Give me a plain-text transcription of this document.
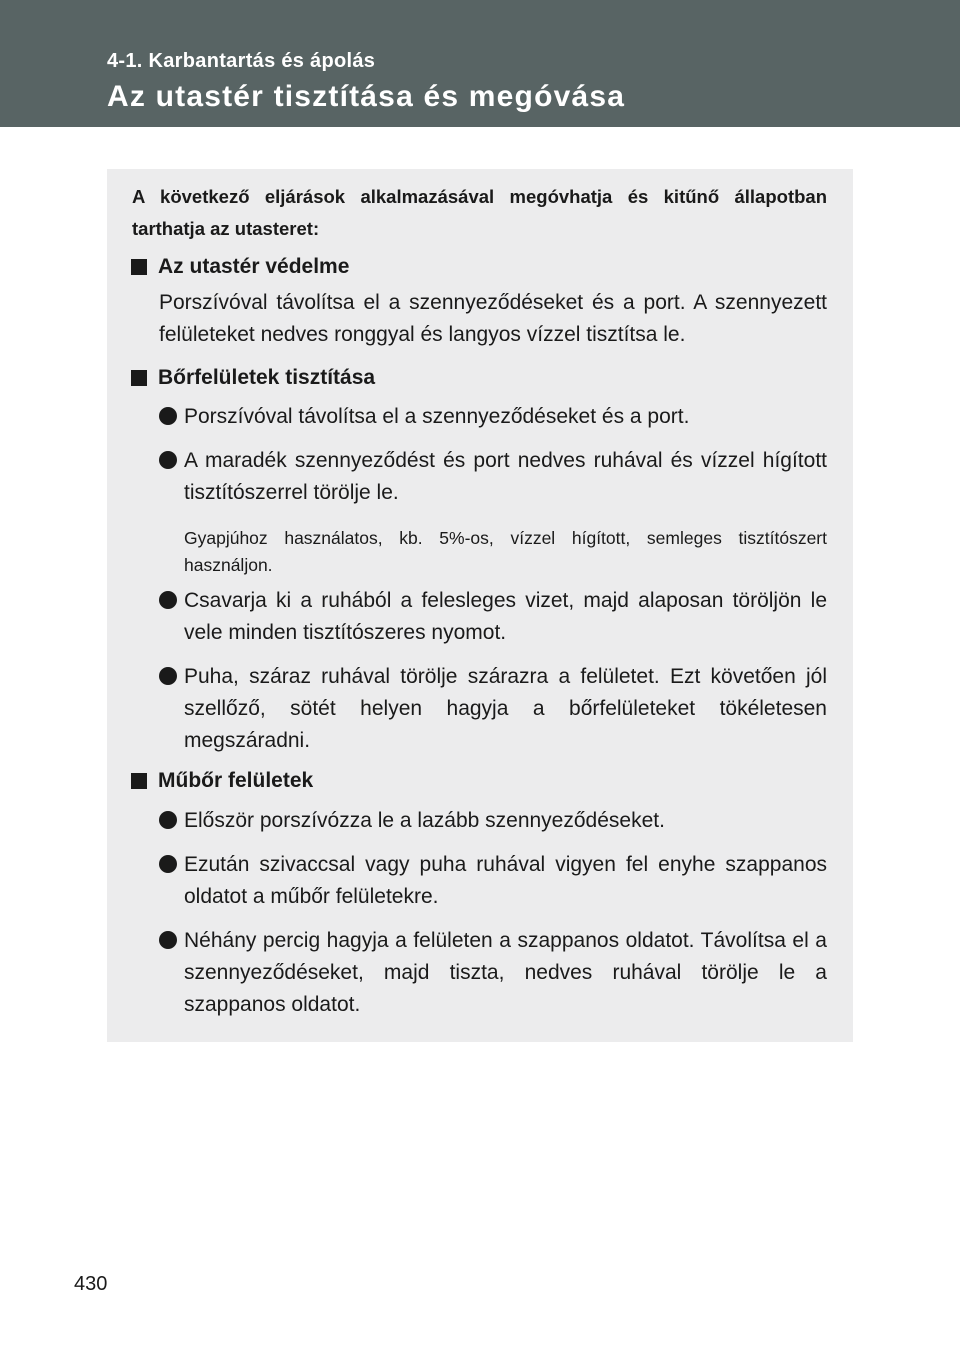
4-1. Karbantartás és ápolás
Az utastér tisztítása és megóvása

A következő eljárások alkalmazásával megóvhatja és kitűnő állapotban tarthatja az utasteret:

Az utastér védelme

Porszívóval távolítsa el a szennyeződéseket és a port. A szennyezett felületeket nedves ronggyal és langyos vízzel tisztítsa le.

Bőrfelületek tisztítása

Porszívóval távolítsa el a szennyeződéseket és a port.

A maradék szennyeződést és port nedves ruhával és vízzel hígított tisztítószerrel törölje le.

Gyapjúhoz használatos, kb. 5%-os, vízzel hígított, semleges tisztítószert használjon.

Csavarja ki a ruhából a felesleges vizet, majd alaposan töröljön le vele minden tisztítószeres nyomot.

Puha, száraz ruhával törölje szárazra a felületet. Ezt követően jól szellőző, sötét helyen hagyja a bőrfelületeket tökéletesen megszáradni.

Műbőr felületek

Először porszívózza le a lazább szennyeződéseket.

Ezután szivaccsal vagy puha ruhával vigyen fel enyhe szappanos oldatot a műbőr felületekre.

Néhány percig hagyja a felületen a szappanos oldatot. Távolítsa el a szennyeződéseket, majd tiszta, nedves ruhával törölje le a szappanos oldatot.

430
